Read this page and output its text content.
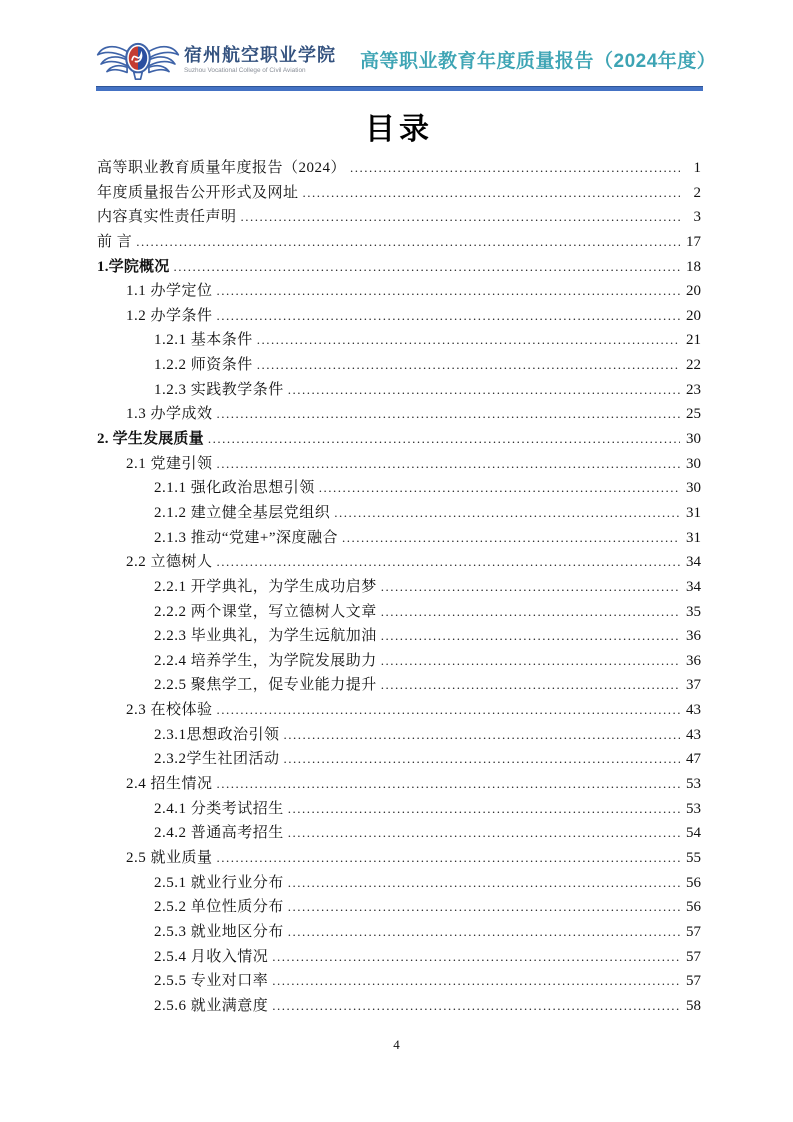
宿州航空职业学院
Suzhou Vocational College of Civil Aviation	高等职业教育年度质量报告（2024年度）
目录
高等职业教育质量年度报告（2024） .....	1
年度质量报告公开形式及网址 .....	2
内容真实性责任声明 .....	3
前 言 .....	17
1.学院概况 .....	18
1.1 办学定位 .....	20
1.2 办学条件 .....	20
1.2.1 基本条件 .....	21
1.2.2 师资条件 .....	22
1.2.3 实践教学条件 .....	23
1.3 办学成效 .....	25
2. 学生发展质量 .....	30
2.1 党建引领 .....	30
2.1.1 强化政治思想引领 .....	30
2.1.2 建立健全基层党组织 .....	31
2.1.3 推动“党建+”深度融合 .....	31
2.2 立德树人 .....	34
2.2.1 开学典礼，为学生成功启梦 .....	34
2.2.2 两个课堂，写立德树人文章 .....	35
2.2.3 毕业典礼，为学生远航加油 .....	36
2.2.4 培养学生，为学院发展助力 .....	36
2.2.5 聚焦学工，促专业能力提升 .....	37
2.3 在校体验 .....	43
2.3.1思想政治引领 .....	43
2.3.2学生社团活动 .....	47
2.4 招生情况 .....	53
2.4.1 分类考试招生 .....	53
2.4.2 普通高考招生 .....	54
2.5 就业质量 .....	55
2.5.1 就业行业分布 .....	56
2.5.2 单位性质分布 .....	56
2.5.3 就业地区分布 .....	57
2.5.4 月收入情况 .....	57
2.5.5 专业对口率 .....	57
2.5.6 就业满意度 .....	58
4
